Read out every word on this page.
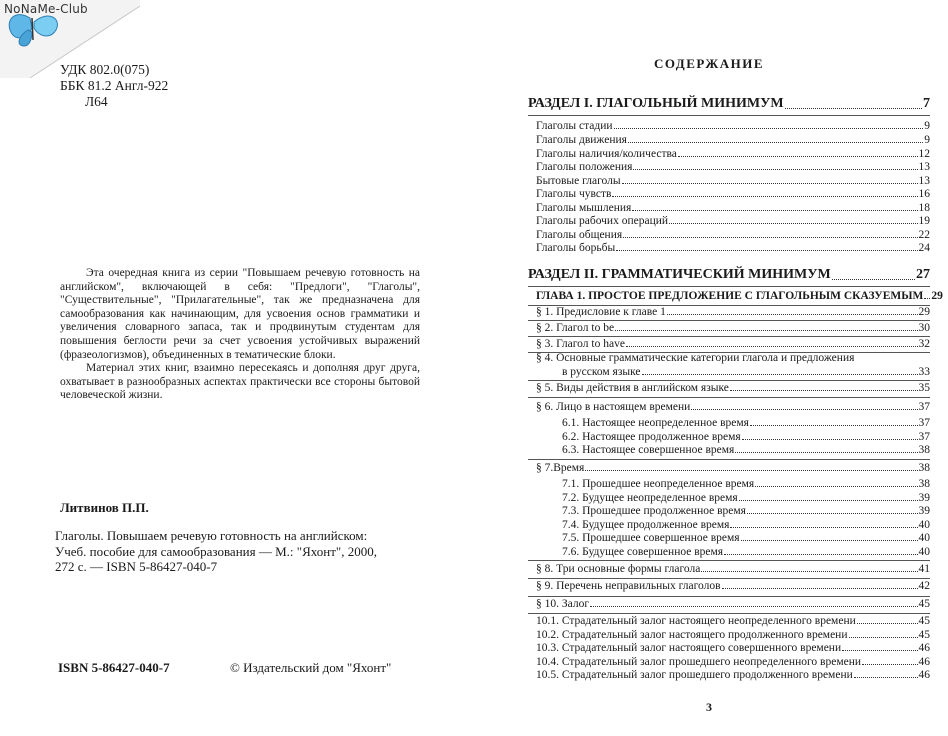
NoNaMe-Club
УДК 802.0(075)
ББК 81.2 Англ-922
Л64

Эта очередная книга из серии "Повышаем речевую готовность на английском", включающей в себя: "Предлоги", "Глаголы", "Существительные", "Прилагательные", так же предназначена для самообразования как начинающим, для усвоения основ грамматики и увеличения словарного запаса, так и продвинутым студентам для повышения беглости речи за счет усвоения устойчивых выражений (фразеологизмов), объединенных в тематические блоки.

Материал этих книг, взаимно пересекаясь и дополняя друг друга, охватывает в разнообразных аспектах практически все стороны бытовой человеческой жизни.

Литвинов П.П.
Глаголы. Повышаем речевую готовность на английском:
Учеб. пособие для самообразования — М.: "Яхонт", 2000,
272 с. — ISBN 5-86427-040-7
ISBN 5-86427-040-7	© Издательский дом "Яхонт"
СОДЕРЖАНИЕ
РАЗДЕЛ I. ГЛАГОЛЬНЫЙ МИНИМУМ	7
Глаголы стадии	9
Глаголы движения	9
Глаголы наличия/количества	12
Глаголы положения	13
Бытовые глаголы	13
Глаголы чувств	16
Глаголы мышления	18
Глаголы рабочих операций	19
Глаголы общения	22
Глаголы борьбы	24
РАЗДЕЛ II. ГРАММАТИЧЕСКИЙ МИНИМУМ	27
ГЛАВА 1. ПРОСТОЕ ПРЕДЛОЖЕНИЕ С ГЛАГОЛЬНЫМ СКАЗУЕМЫМ 29
§ 1. Предисловие к главе 1	29
§ 2. Глагол to be	30
§ 3. Глагол to have	32
§ 4. Основные грамматические категории глагола и предложения
в русском языке	33
§ 5. Виды действия в английском языке	35
§ 6. Лицо в настоящем времени	37
6.1. Настоящее неопределенное время	37
6.2. Настоящее продолженное время	37
6.3. Настоящее совершенное время	38
§ 7.Время	38
7.1. Прошедшее неопределенное время	38
7.2. Будущее неопределенное время	39
7.3. Прошедшее продолженное время	39
7.4. Будущее продолженное время	40
7.5. Прошедшее совершенное время	40
7.6. Будущее совершенное время	40
§ 8. Три основные формы глагола	41
§ 9. Перечень неправильных глаголов	42
§ 10. Залог	45
10.1. Страдательный залог настоящего неопределенного времени	45
10.2. Страдательный залог настоящего продолженного времени	45
10.3. Страдательный залог настоящего совершенного времени	46
10.4. Страдательный залог прошедшего неопределенного времени	46
10.5. Страдательный залог прошедшего продолженного времени	46
3
